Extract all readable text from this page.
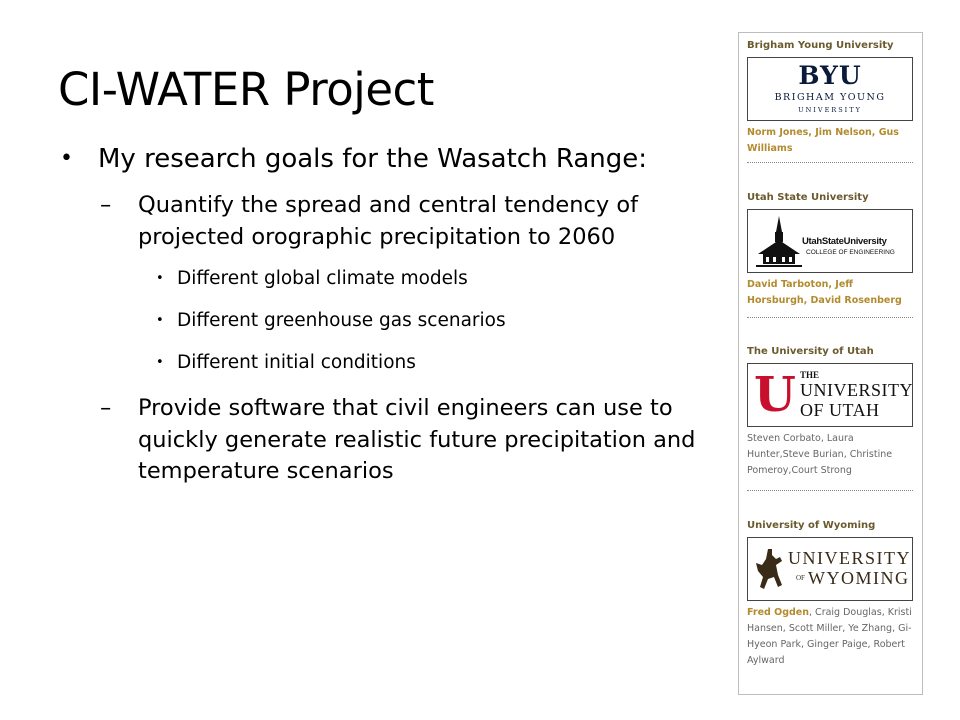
CI-WATER Project
• My research goals for the Wasatch Range:
– Quantify the spread and central tendency of projected orographic precipitation to 2060
• Different global climate models
• Different greenhouse gas scenarios
• Different initial conditions
– Provide software that civil engineers can use to quickly generate realistic future precipitation and temperature scenarios
Brigham Young University
BYU
BRIGHAM YOUNG
UNIVERSITY
Norm Jones, Jim Nelson, Gus Williams
Utah State University
UtahStateUniversity
COLLEGE OF ENGINEERING
David Tarboton, Jeff Horsburgh, David Rosenberg
The University of Utah
U THE
UNIVERSITY
OF UTAH
Steven Corbato, Laura Hunter,Steve Burian, Christine Pomeroy,Court Strong
University of Wyoming
UNIVERSITY
OF WYOMING
Fred Ogden, Craig Douglas, Kristi Hansen, Scott Miller, Ye Zhang, Gi-Hyeon Park, Ginger Paige, Robert Aylward
